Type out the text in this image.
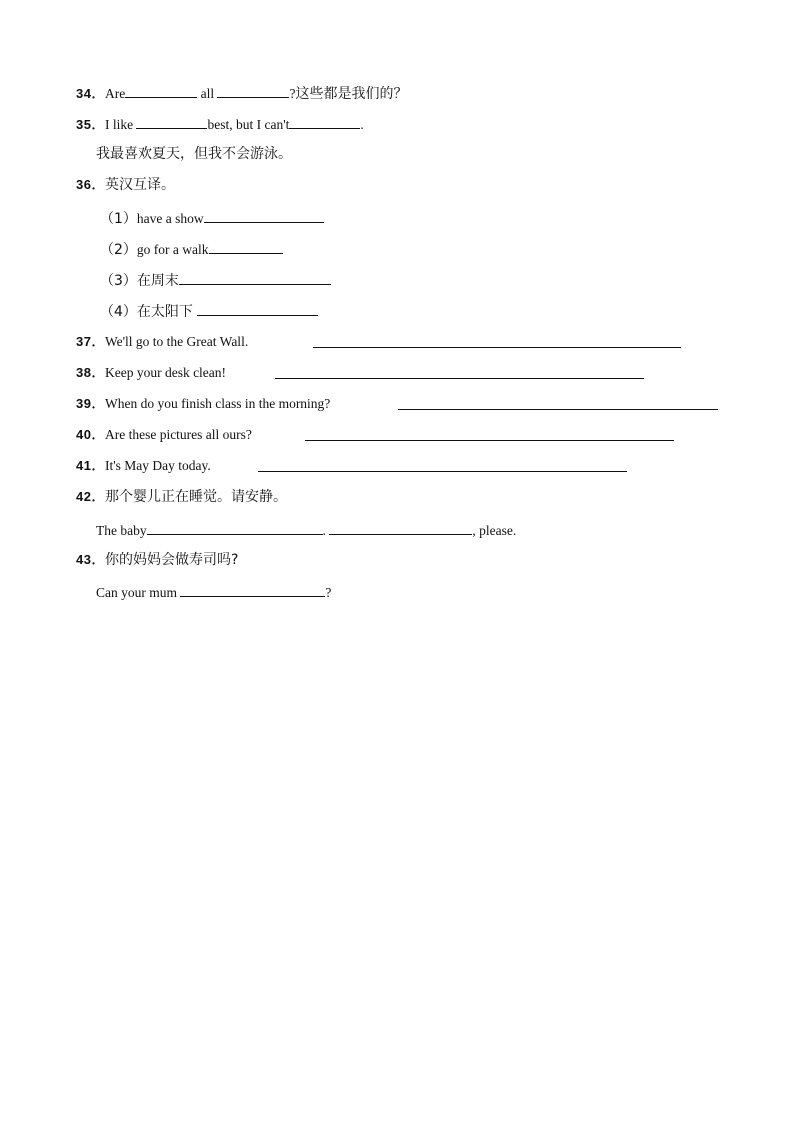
34．Are	all	?这些都是我们的？
35．I like	best, but I can't	.
我最喜欢夏天，但我不会游泳。
36．英汉互译。
（1）have a show
（2）go for a walk
（3）在周末
（4）在太阳下
37．We'll go to the Great Wall.
38．Keep your desk clean!
39．When do you finish class in the morning?
40．Are these pictures all ours?
41．It's May Day today.
42．那个婴儿正在睡觉。请安静。
The baby	.	, please.
43．你的妈妈会做寿司吗?
Can your mum	?
